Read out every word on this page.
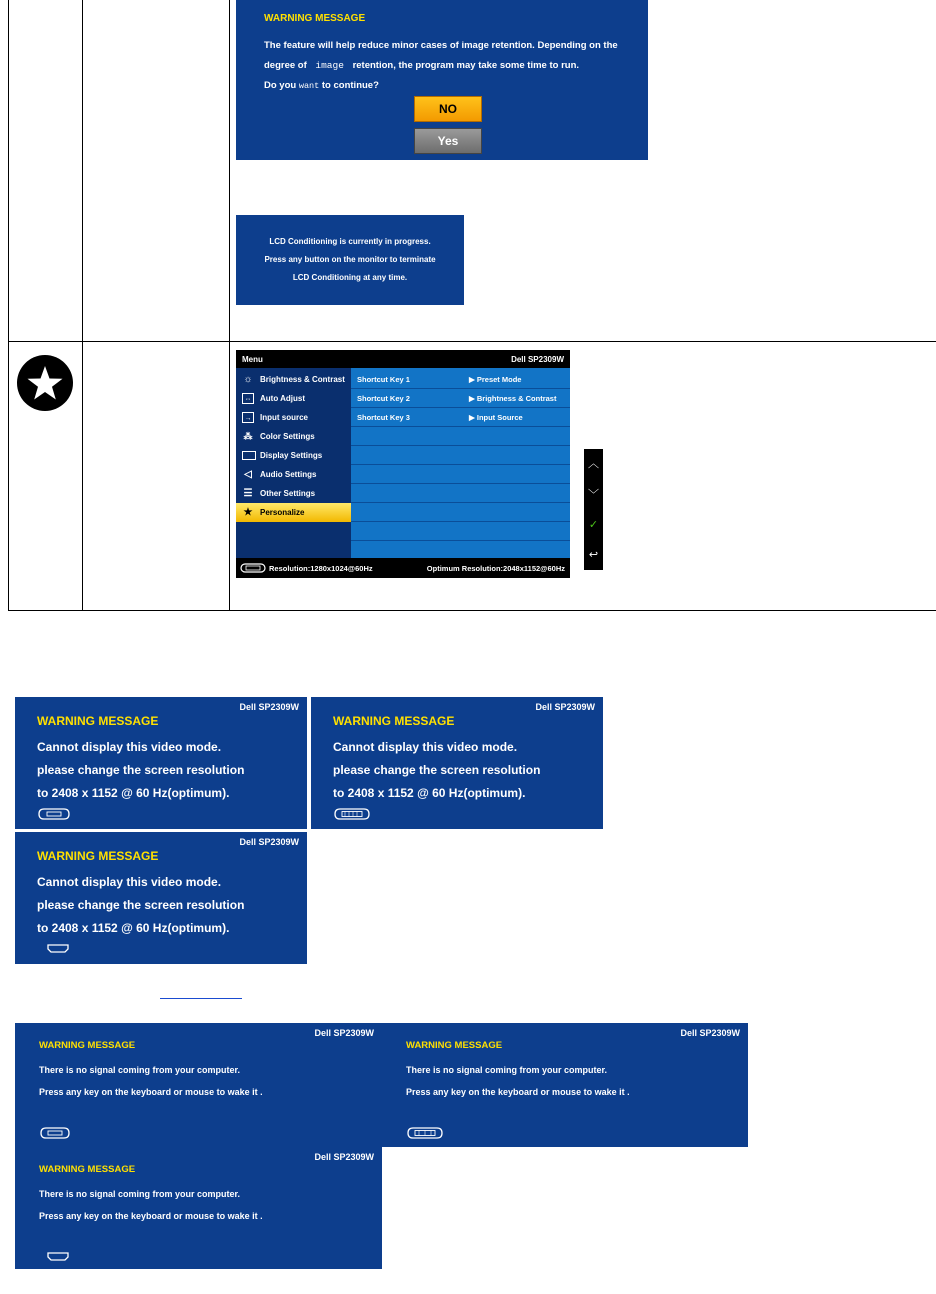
WARNING MESSAGE
The feature will help reduce minor cases of image retention. Depending on the
degree of image retention, the program may take some time to run.
Do you want to continue?
NO
Yes
LCD Conditioning is currently in progress.
Press any button on the monitor to terminate
LCD Conditioning at any time.
Menu	Dell SP2309W
☼ Brightness & Contrast
⇔	Auto Adjust
→	Input source
⁂ Color Settings
Display Settings
◁ Audio Settings
☰ Other Settings
★ Personalize
Shortcut Key 1	▶ Preset Mode
Shortcut Key 2	▶ Brightness & Contrast
Shortcut Key 3	▶ Input Source
Resolution:1280x1024@60Hz	Optimum Resolution:2048x1152@60Hz
︿
﹀
✓
↩
Dell SP2309W
WARNING MESSAGE
Cannot display this video mode.
please change the screen resolution
to 2408 x 1152 @ 60 Hz(optimum).
Dell SP2309W
WARNING MESSAGE
Cannot display this video mode.
please change the screen resolution
to 2408 x 1152 @ 60 Hz(optimum).
Dell SP2309W
WARNING MESSAGE
Cannot display this video mode.
please change the screen resolution
to 2408 x 1152 @ 60 Hz(optimum).
Dell SP2309W
WARNING MESSAGE
There is no signal coming from your computer.
Press any key on the keyboard or mouse to wake it .
Dell SP2309W
WARNING MESSAGE
There is no signal coming from your computer.
Press any key on the keyboard or mouse to wake it .
Dell SP2309W
WARNING MESSAGE
There is no signal coming from your computer.
Press any key on the keyboard or mouse to wake it .
